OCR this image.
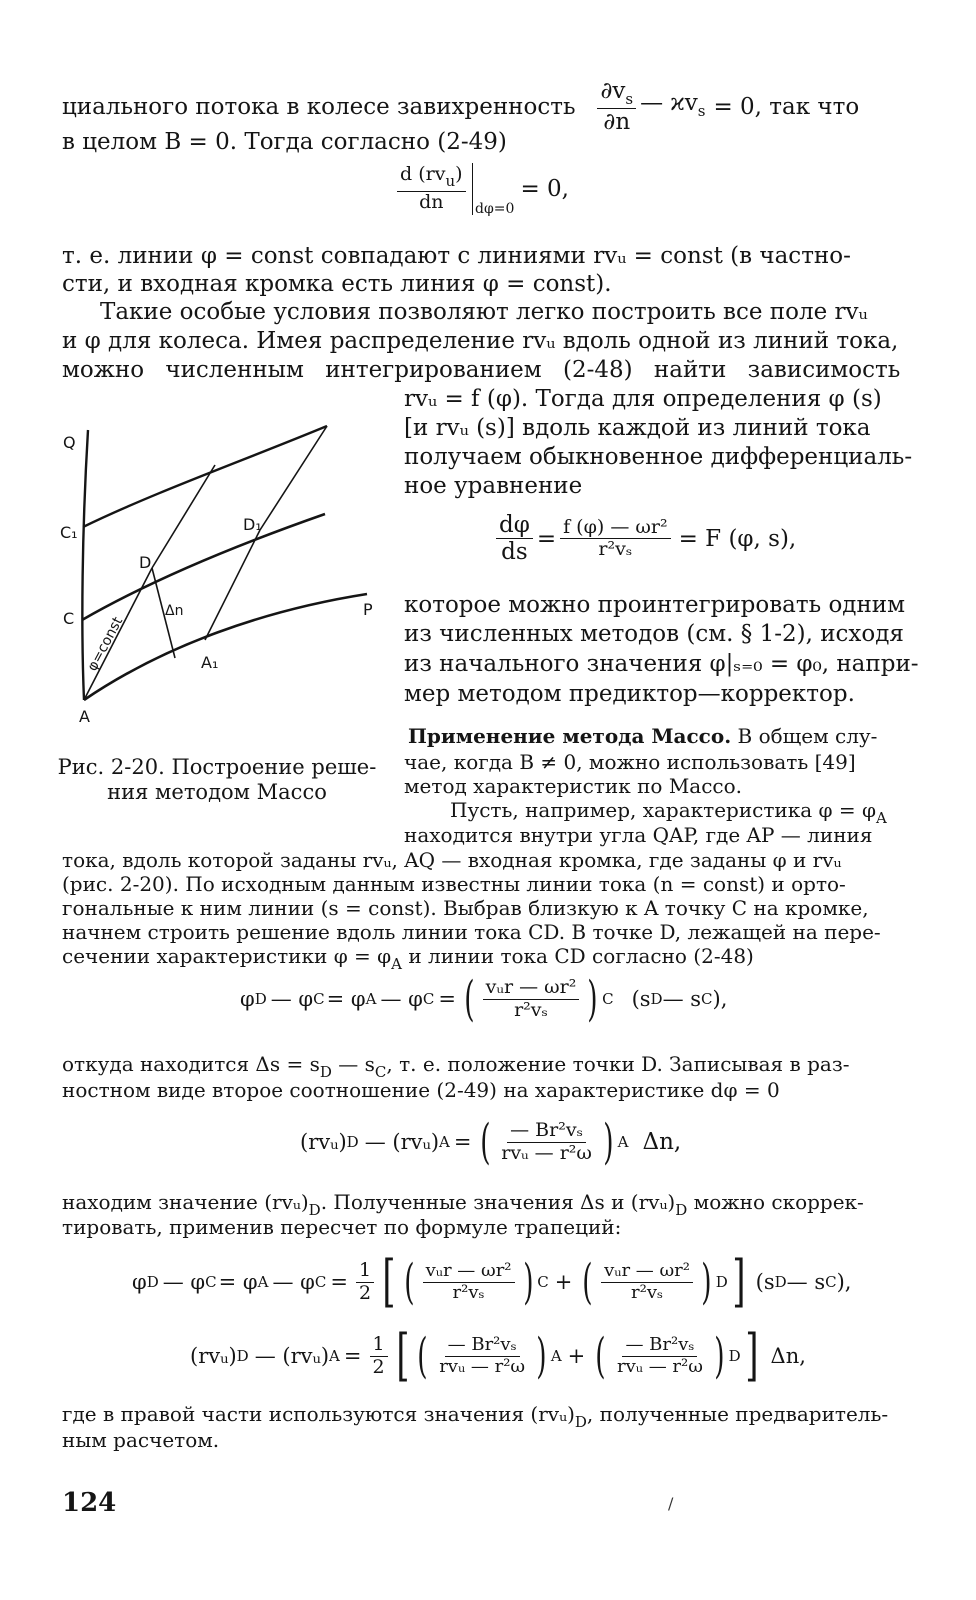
циального потока в колесе завихренность $\frac{\partial v_s}{\partial n}$ — $ϰv_s = 0$, так что
в целом B = 0. Тогда согласно (2-49)
$\frac{d (rv_u)}{dn} d\varphi=0$
= 0,
т. е. линии φ = const совпадают с линиями rvᵤ = const (в частно-
сти, и входная кромка есть линия φ = const).
Такие особые условия позволяют легко построить все поле rvᵤ
и φ для колеса. Имея распределение rvᵤ вдоль одной из линий тока,
можно численным интегрированием (2-48) найти зависимость
rvᵤ = f (φ). Тогда для определения φ (s)
[и rvᵤ (s)] вдоль каждой из линий тока
получаем обыкновенное дифференциаль-
ное уравнение
$\frac{d\varphi}{ds} = \frac{\text{f (φ) — ωr²}}{\text{r²vₛ}} = F$ (φ, s),
которое можно проинтегрировать одним
из численных методов (см. § 1-2), исходя
из начального значения φ|ₛ₌₀ = φ₀, напри-
мер методом предиктор—корректор.
Q
C₁
C
A
D
D₁
A₁
P
Δn
φ=const
Рис. 2-20. Построение реше-
ния методом Массо
Применение метода Массо. В общем слу-
чае, когда B ≠ 0, можно использовать [49]
метод характеристик по Массо.
Пусть, например, характеристика $\varphi = \varphi_A$
находится внутри угла QAP, где AP — линия
тока, вдоль которой заданы rvᵤ, AQ — входная кромка, где заданы φ и rvᵤ
(рис. 2-20). По исходным данным известны линии тока (n = const) и орто-
гональные к ним линии (s = const). Выбрав близкую к A точку C на кромке,
начнем строить решение вдоль линии тока CD. В точке D, лежащей на пере-
сечении характеристики $\varphi = \varphi_A$ и линии тока CD согласно (2-48)
φ D — φ C = φ A — φ C = ( $\frac{\text{vᵤr — ωr²}}{\text{r²vₛ}}$ ) C (s D — s C ),
откуда находится $\Delta s = s_D$ — $s_C$, т. е. положение точки D. Записывая в раз-
ностном виде второе соотношение (2-49) на характеристике dφ = 0
(rvᵤ) D — (rvᵤ) A = ( $\frac{\text{— Br²vₛ}}{\text{rvᵤ — r²ω}}$ ) A Δn,
находим значение $(rvᵤ)_D$. Полученные значения Δs и $(rvᵤ)_D$ можно скоррек-
тировать, применив пересчет по формуле трапеций:
φ D — φ C = φ A — φ $C = \frac{1}{2}$ [ ( $\frac{\text{vᵤr — ωr²}}{\text{r²vₛ}}$ ) C + ( $\frac{\text{vᵤr — ωr²}}{\text{r²vₛ}}$ ) D ] (s D — s C ),
(rvᵤ) D — (rvᵤ) $A = \frac{1}{2}$ [ ( $\frac{\text{— Br²vₛ}}{\text{rvᵤ — r²ω}}$ ) A + ( $\frac{\text{— Br²vₛ}}{\text{rvᵤ — r²ω}}$ ) D ] Δn,
где в правой части используются значения $(rvᵤ)_D$, полученные предваритель-
ным расчетом.
124	/
